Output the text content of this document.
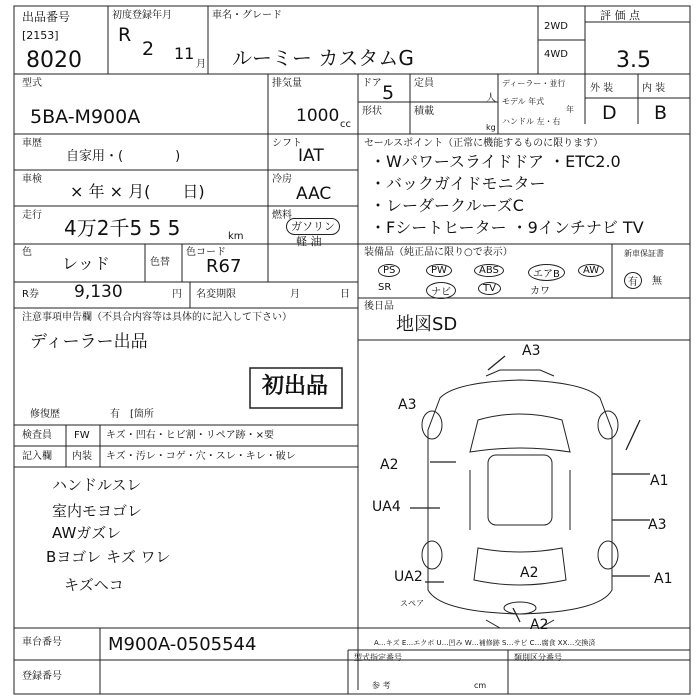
出品番号
[2153]
8020
初度登録年月
R
2 11
月
車名・グレード
ルーミー カスタムG
2WD
4WD
評 価 点
3.5
外 装	内 装
D B
型式
5BA-M900A
排気量
1000 cc
ドア 5 定員
人
形状	積載
kg
ディーラー・並行
モデル 年式
年
ハンドル 左・右
車歴
自家用・(　　　　)
シフト
IAT
車検
× 年 × 月(　　日)
冷房
AAC
走行
4万2千5 5 5	km
燃料
ガソリン
軽 油
色
レッド	色替
色コード
R67
R券 9,130	円 名変期限	月	日
セールスポイント（正常に機能するものに限ります）
・Wパワースライドドア ・ETC2.0
・バックガイドモニター
・レーダークルーズC
・Fシートヒーター ・9インチナビ TV
装備品（純正品に限り○で表示）	新車保証書
PS	PW	ABS	エアB	AW
SR	ナビ	TV	カワ
有	無
後日品
地図SD
注意事項申告欄（不具合内容等は具体的に記入して下さい）
ディーラー出品
初出品
修復歴	有　[箇所
検査員
記入欄
FW キズ・凹右・ヒビ割・リペア跡・×要
内装 キズ・汚レ・コゲ・穴・スレ・キレ・破レ
ハンドルスレ
室内モヨゴレ
AWガズレ
Bヨゴレ キズ ワレ
キズヘコ
A3
A3
A2
UA4
UA2	A2
A1
A3
A1
A2
スペア
A…キズ E…エクボ U…凹み W…補修跡 S…サビ C…腐食 XX…交換済
車台番号	M900A-0505544
登録番号
型式指定番号	類別区分番号
参 考	cm
